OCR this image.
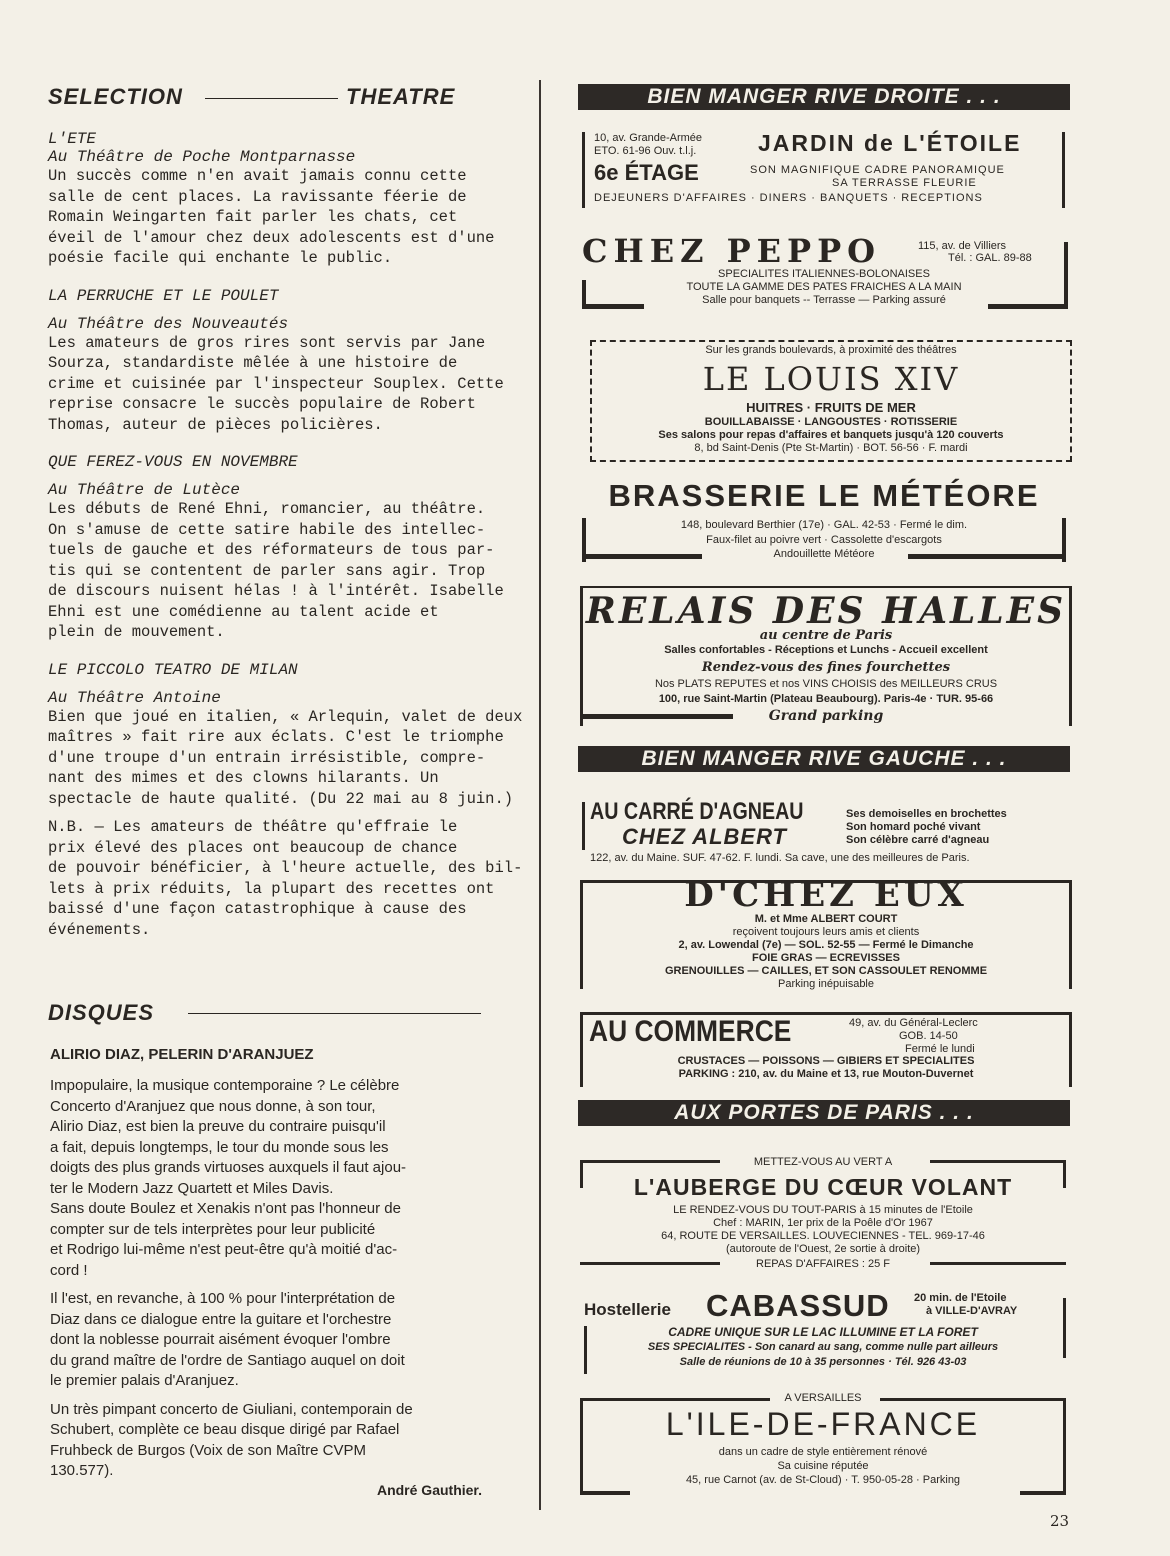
SELECTION	THEATRE
L'ETE
Au Théâtre de Poche Montparnasse
Un succès comme n'en avait jamais connu cette
salle de cent places. La ravissante féerie de
Romain Weingarten fait parler les chats, cet
éveil de l'amour chez deux adolescents est d'une
poésie facile qui enchante le public.
LA PERRUCHE ET LE POULET
Au Théâtre des Nouveautés
Les amateurs de gros rires sont servis par Jane
Sourza, standardiste mêlée à une histoire de
crime et cuisinée par l'inspecteur Souplex. Cette
reprise consacre le succès populaire de Robert
Thomas, auteur de pièces policières.
QUE FEREZ-VOUS EN NOVEMBRE
Au Théâtre de Lutèce
Les débuts de René Ehni, romancier, au théâtre.
On s'amuse de cette satire habile des intellec-
tuels de gauche et des réformateurs de tous par-
tis qui se contentent de parler sans agir. Trop
de discours nuisent hélas ! à l'intérêt. Isabelle
Ehni est une comédienne au talent acide et
plein de mouvement.
LE PICCOLO TEATRO DE MILAN
Au Théâtre Antoine
Bien que joué en italien, « Arlequin, valet de deux
maîtres » fait rire aux éclats. C'est le triomphe
d'une troupe d'un entrain irrésistible, compre-
nant des mimes et des clowns hilarants. Un
spectacle de haute qualité. (Du 22 mai au 8 juin.)
N.B. — Les amateurs de théâtre qu'effraie le
prix élevé des places ont beaucoup de chance
de pouvoir bénéficier, à l'heure actuelle, des bil-
lets à prix réduits, la plupart des recettes ont
baissé d'une façon catastrophique à cause des
événements.
DISQUES
ALIRIO DIAZ, PELERIN D'ARANJUEZ
Impopulaire, la musique contemporaine ? Le célèbre
Concerto d'Aranjuez que nous donne, à son tour,
Alirio Diaz, est bien la preuve du contraire puisqu'il
a fait, depuis longtemps, le tour du monde sous les
doigts des plus grands virtuoses auxquels il faut ajou-
ter le Modern Jazz Quartett et Miles Davis.
Sans doute Boulez et Xenakis n'ont pas l'honneur de
compter sur de tels interprètes pour leur publicité
et Rodrigo lui-même n'est peut-être qu'à moitié d'ac-
cord !
Il l'est, en revanche, à 100 % pour l'interprétation de
Diaz dans ce dialogue entre la guitare et l'orchestre
dont la noblesse pourrait aisément évoquer l'ombre
du grand maître de l'ordre de Santiago auquel on doit
le premier palais d'Aranjuez.
Un très pimpant concerto de Giuliani, contemporain de
Schubert, complète ce beau disque dirigé par Rafael
Fruhbeck de Burgos (Voix de son Maître CVPM
130.577).
André Gauthier.
BIEN MANGER RIVE DROITE . . .
10, av. Grande-Armée
ETO. 61-96 Ouv. t.l.j.	JARDIN de L'ÉTOILE
6e ÉTAGE	SON MAGNIFIQUE CADRE PANORAMIQUE
SA TERRASSE FLEURIE
DEJEUNERS D'AFFAIRES · DINERS · BANQUETS · RECEPTIONS
CHEZ PEPPO	115, av. de Villiers
Tél. : GAL. 89-88
SPECIALITES ITALIENNES-BOLONAISES
TOUTE LA GAMME DES PATES FRAICHES A LA MAIN
Salle pour banquets -- Terrasse — Parking assuré
Sur les grands boulevards, à proximité des théâtres
LE LOUIS XIV
HUITRES · FRUITS DE MER
BOUILLABAISSE · LANGOUSTES · ROTISSERIE
Ses salons pour repas d'affaires et banquets jusqu'à 120 couverts
8, bd Saint-Denis (Pte St-Martin) · BOT. 56-56 · F. mardi
BRASSERIE LE MÉTÉORE
148, boulevard Berthier (17e) · GAL. 42-53 · Fermé le dim.
Faux-filet au poivre vert · Cassolette d'escargots
Andouillette Météore
RELAIS DES HALLES
au centre de Paris
Salles confortables - Réceptions et Lunchs - Accueil excellent
Rendez-vous des fines fourchettes
Nos PLATS REPUTES et nos VINS CHOISIS des MEILLEURS CRUS
100, rue Saint-Martin (Plateau Beaubourg). Paris-4e · TUR. 95-66
Grand parking
BIEN MANGER RIVE GAUCHE . . .
AU CARRÉ D'AGNEAU
CHEZ ALBERT
Ses demoiselles en brochettes
Son homard poché vivant
Son célèbre carré d'agneau
122, av. du Maine. SUF. 47-62. F. lundi. Sa cave, une des meilleures de Paris.
D'CHEZ EUX
M. et Mme ALBERT COURT
reçoivent toujours leurs amis et clients
2, av. Lowendal (7e) — SOL. 52-55 — Fermé le Dimanche
FOIE GRAS — ECREVISSES
GRENOUILLES — CAILLES, ET SON CASSOULET RENOMME
Parking inépuisable
AU COMMERCE	49, av. du Général-Leclerc
GOB. 14-50
Fermé le lundi
CRUSTACES — POISSONS — GIBIERS ET SPECIALITES
PARKING : 210, av. du Maine et 13, rue Mouton-Duvernet
AUX PORTES DE PARIS . . .
METTEZ-VOUS AU VERT A
L'AUBERGE DU CŒUR VOLANT
LE RENDEZ-VOUS DU TOUT-PARIS à 15 minutes de l'Etoile
Chef : MARIN, 1er prix de la Poêle d'Or 1967
64, ROUTE DE VERSAILLES. LOUVECIENNES - TEL. 969-17-46
(autoroute de l'Ouest, 2e sortie à droite)
REPAS D'AFFAIRES : 25 F
Hostellerie CABASSUD 20 min. de l'Etoile
à VILLE-D'AVRAY
CADRE UNIQUE SUR LE LAC ILLUMINE ET LA FORET
SES SPECIALITES - Son canard au sang, comme nulle part ailleurs
Salle de réunions de 10 à 35 personnes · Tél. 926 43-03
A VERSAILLES
L'ILE-DE-FRANCE
dans un cadre de style entièrement rénové
Sa cuisine réputée
45, rue Carnot (av. de St-Cloud) · T. 950-05-28 · Parking
23
